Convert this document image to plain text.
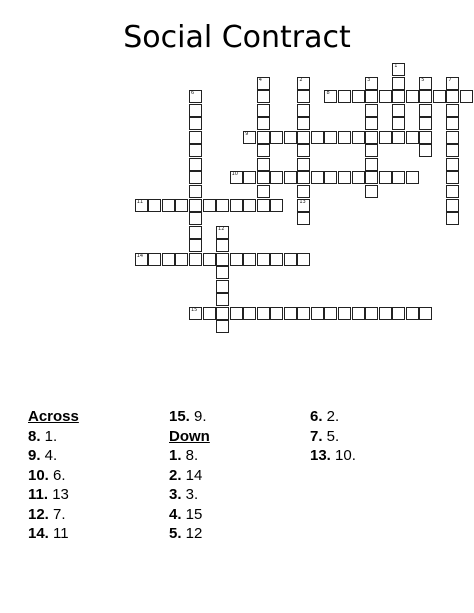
Social Contract
1
2
13
3
4	5
6
7
8
9
10
11
12
14
15
Across
8. 1.
9. 4.
10. 6.
11. 13
12. 7.
14. 11
15. 9.
Down
1. 8.
2. 14
3. 3.
4. 15
5. 12
6. 2.
7. 5.
13. 10.
